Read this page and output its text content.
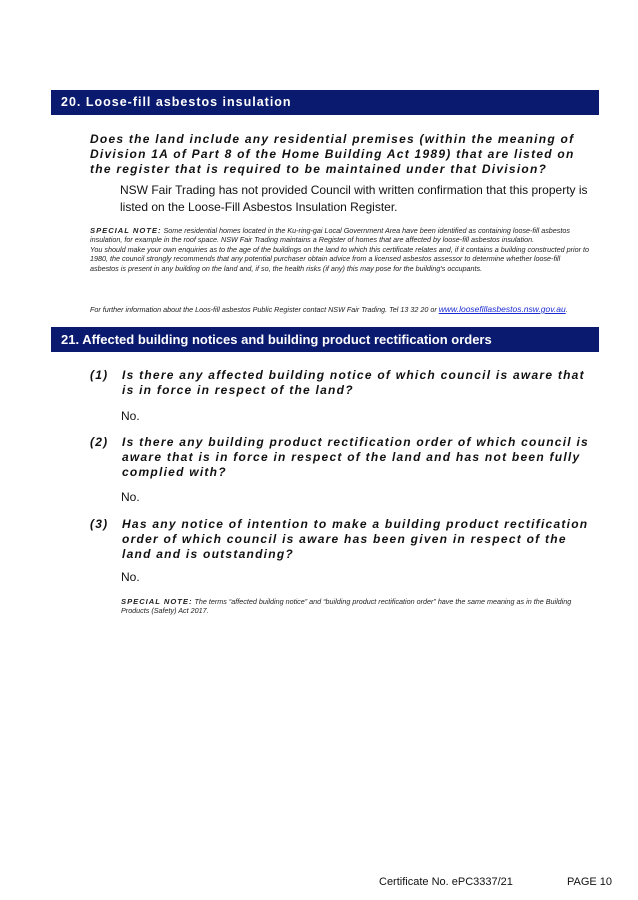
20. Loose-fill asbestos insulation
Does the land include any residential premises (within the meaning of Division 1A of Part 8 of the Home Building Act 1989) that are listed on the register that is required to be maintained under that Division?
NSW Fair Trading has not provided Council with written confirmation that this property is listed on the Loose-Fill Asbestos Insulation Register.
SPECIAL NOTE: Some residential homes located in the Ku-ring-gai Local Government Area have been identified as containing loose-fill asbestos insulation, for example in the roof space. NSW Fair Trading maintains a Register of homes that are affected by loose-fill asbestos insulation.
You should make your own enquiries as to the age of the buildings on the land to which this certificate relates and, if it contains a building constructed prior to 1980, the council strongly recommends that any potential purchaser obtain advice from a licensed asbestos assessor to determine whether loose-fill asbestos is present in any building on the land and, if so, the health risks (if any) this may pose for the building's occupants.
For further information about the Loos-fill asbestos Public Register contact NSW Fair Trading. Tel 13 32 20 or www.loosefillasbestos.nsw.gov.au.
21. Affected building notices and building product rectification orders
(1) Is there any affected building notice of which council is aware that is in force in respect of the land?
No.
(2) Is there any building product rectification order of which council is aware that is in force in respect of the land and has not been fully complied with?
No.
(3) Has any notice of intention to make a building product rectification order of which council is aware has been given in respect of the land and is outstanding?
No.
SPECIAL NOTE: The terms “affected building notice” and “building product rectification order” have the same meaning as in the Building Products (Safety) Act 2017.
Certificate No. ePC3337/21	PAGE 10
